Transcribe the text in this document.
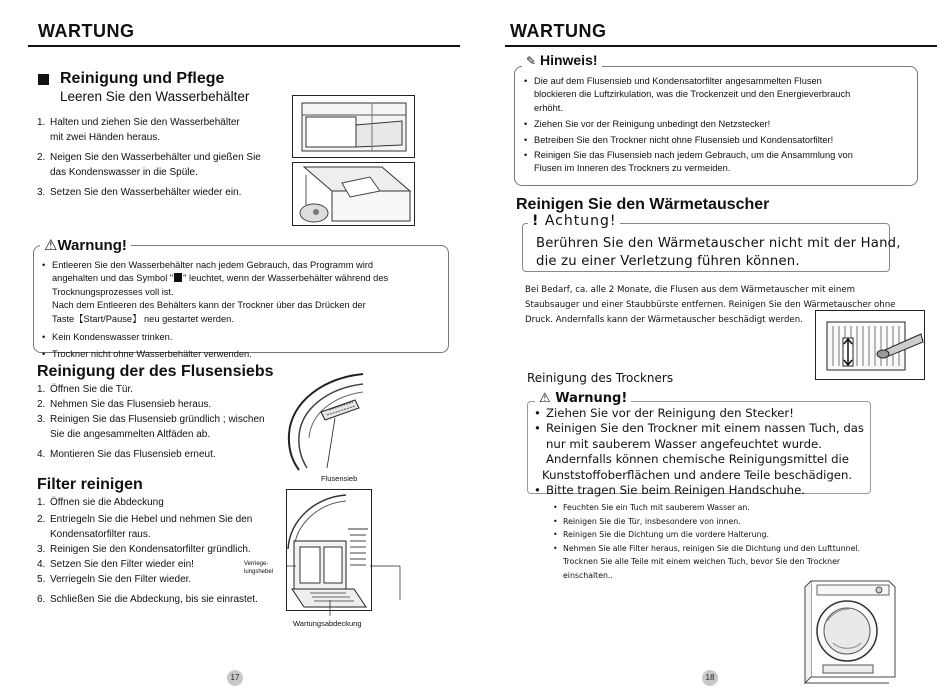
WARTUNG
Reinigung und Pflege
Leeren Sie den Wasserbehälter
1. Halten und ziehen Sie den Wasserbehälter
mit zwei Händen heraus.
2. Neigen Sie den Wasserbehälter und gießen Sie
das Kondenswasser in die Spüle.
3. Setzen Sie den Wasserbehälter wieder ein.
⚠Warnung!
• Entleeren Sie den Wasserbehälter nach jedem Gebrauch, das Programm wird
angehalten und das Symbol " " leuchtet, wenn der Wasserbehälter während des
Trocknungsprozesses voll ist.
Nach dem Entleeren des Behälters kann der Trockner über das Drücken der
Taste【Start/Pause】 neu gestartet werden.
• Kein Kondenswasser trinken.
• Trockner nicht ohne Wasserbehälter verwenden.
Reinigung der des Flusensiebs
1. Öffnen Sie die Tür.
2. Nehmen Sie das Flusensieb heraus.
3. Reinigen Sie das Flusensieb gründlich ; wischen
Sie die angesammelten Altfäden ab.
4. Montieren Sie das Flusensieb erneut.
Flusensieb
Filter reinigen
1. Öffnen sie die Abdeckung
2. Entriegeln Sie die Hebel und nehmen Sie den
Kondensatorfilter raus.
3. Reinigen Sie den Kondensatorfilter gründlich.
4. Setzen Sie den Filter wieder ein!
5. Verriegeln Sie den Filter wieder.
6. Schließen Sie die Abdeckung, bis sie einrastet.
Verriege-
lungshebel
Wartungsabdeckung
17
WARTUNG
✎ Hinweis!
• Die auf dem Flusensieb und Kondensatorfilter angesammelten Flusen
blockieren die Luftzirkulation, was die Trockenzeit und den Energieverbrauch
erhöht.
• Ziehen Sie vor der Reinigung unbedingt den Netzstecker!
• Betreiben Sie den Trockner nicht ohne Flusensieb und Kondensatorfilter!
• Reinigen Sie das Flusensieb nach jedem Gebrauch, um die Ansammlung von
Flusen im Inneren des Trockners zu vermeiden.
Reinigen Sie den Wärmetauscher
! Achtung!
Berühren Sie den Wärmetauscher nicht mit der Hand,
die zu einer Verletzung führen können.
Bei Bedarf, ca. alle 2 Monate, die Flusen aus dem Wärmetauscher mit einem
Staubsauger und einer Staubbürste entfernen. Reinigen Sie den Wärmetauscher ohne
Druck. Andernfalls kann der Wärmetauscher beschädigt werden.
Reinigung des Trockners
⚠ Warnung!
• Ziehen Sie vor der Reinigung den Stecker!
• Reinigen Sie den Trockner mit einem nassen Tuch, das
nur mit sauberem Wasser angefeuchtet wurde.
Andernfalls können chemische Reinigungsmittel die
Kunststoffoberflächen und andere Teile beschädigen.
• Bitte tragen Sie beim Reinigen Handschuhe.
• Feuchten Sie ein Tuch mit sauberem Wasser an.
• Reinigen Sie die Tür, insbesondere von innen.
• Reinigen Sie die Dichtung um die vordere Halterung.
• Nehmen Sie alle Filter heraus, reinigen Sie die Dichtung und den Lufttunnel.
Trocknen Sie alle Teile mit einem weichen Tuch, bevor Sie den Trockner
einschalten..
18
